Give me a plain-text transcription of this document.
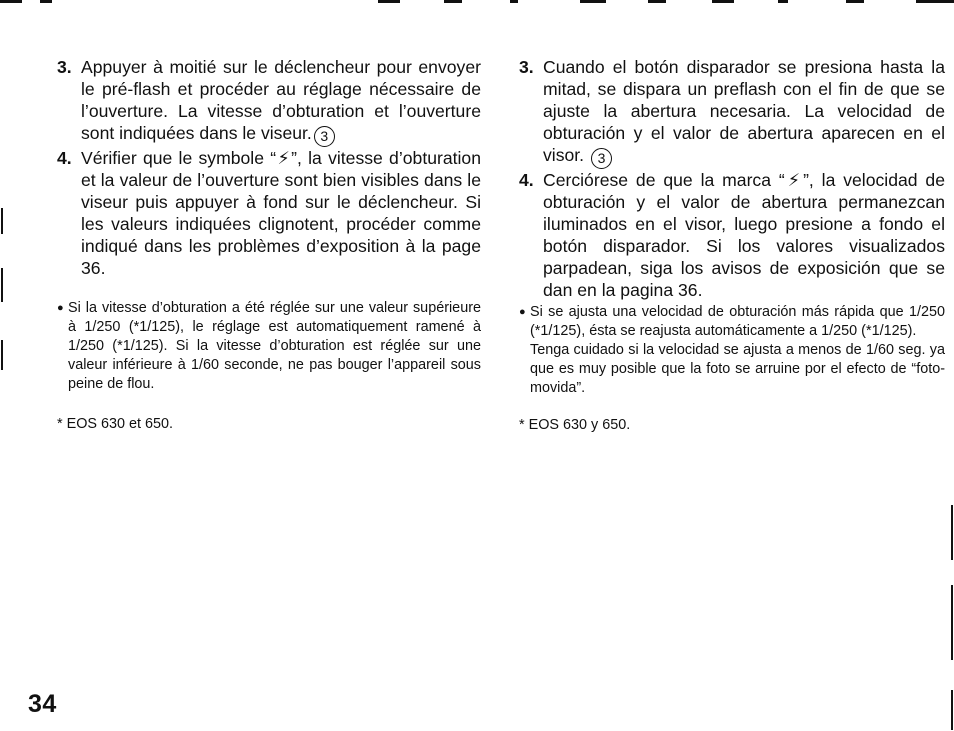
3. Appuyer à moitié sur le déclencheur pour envoyer le pré-flash et procéder au réglage nécessaire de l’ouverture. La vitesse d’obturation et l’ouverture sont indiquées dans le viseur. 3
4. Vérifier que le symbole “⚡”, la vitesse d’obturation et la valeur de l’ouverture sont bien visibles dans le viseur puis appuyer à fond sur le déclencheur. Si les valeurs indiquées clignotent, procéder comme indiqué dans les problèmes d’exposition à la page 36.
● Si la vitesse d’obturation a été réglée sur une valeur supérieure à 1/250 (*1/125), le réglage est automatiquement ramené à 1/250 (*1/125). Si la vitesse d’obturation est réglée sur une valeur inférieure à 1/60 seconde, ne pas bouger l’appareil sous peine de flou.

* EOS 630 et 650.

3. Cuando el botón disparador se presiona hasta la mitad, se dispara un preflash con el fin de que se ajuste la abertura necesaria. La velocidad de obturación y el valor de abertura aparecen en el visor. 3
4. Cerciórese de que la marca “⚡”, la velocidad de obturación y el valor de abertura permanezcan iluminados en el visor, luego presione a fondo el botón disparador. Si los valores visualizados parpadean, siga los avisos de exposición que se dan en la pagina 36.
● Si se ajusta una velocidad de obturación más rápida que 1/250 (*1/125), ésta se reajusta automáticamente a 1/250 (*1/125).

Tenga cuidado si la velocidad se ajusta a menos de 1/60 seg. ya que es muy posible que la foto se arruine por el efecto de “foto-movida”.

* EOS 630 y 650.

34
